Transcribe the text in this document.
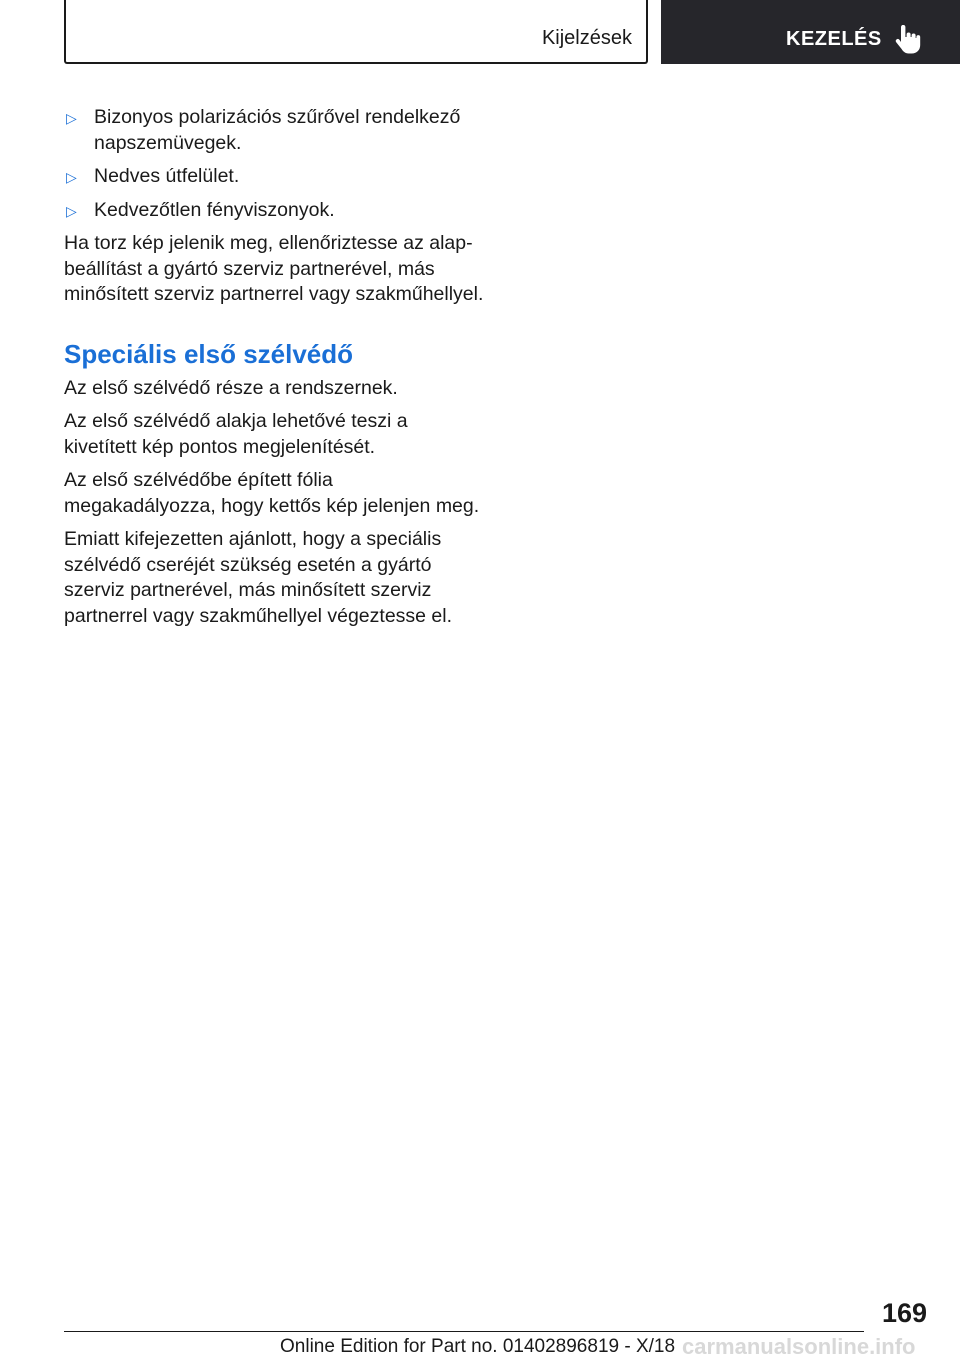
Kijelzések	KEZELÉS
▷ Bizonyos polarizációs szűrővel rendelkező napszemüvegek.
▷ Nedves útfelület.
▷ Kedvezőtlen fényviszonyok.

Ha torz kép jelenik meg, ellenőriztesse az alapbeállítást a gyártó szerviz partnerével, más minősített szerviz partnerrel vagy szakműhellyel.

Speciális első szélvédő

Az első szélvédő része a rendszernek.

Az első szélvédő alakja lehetővé teszi a kivetített kép pontos megjelenítését.

Az első szélvédőbe épített fólia megakadályozza, hogy kettős kép jelenjen meg.

Emiatt kifejezetten ajánlott, hogy a speciális szélvédő cseréjét szükség esetén a gyártó szerviz partnerével, más minősített szerviz partnerrel vagy szakműhellyel végeztesse el.

169
Online Edition for Part no. 01402896819 - X/18 carmanualsonline.info
